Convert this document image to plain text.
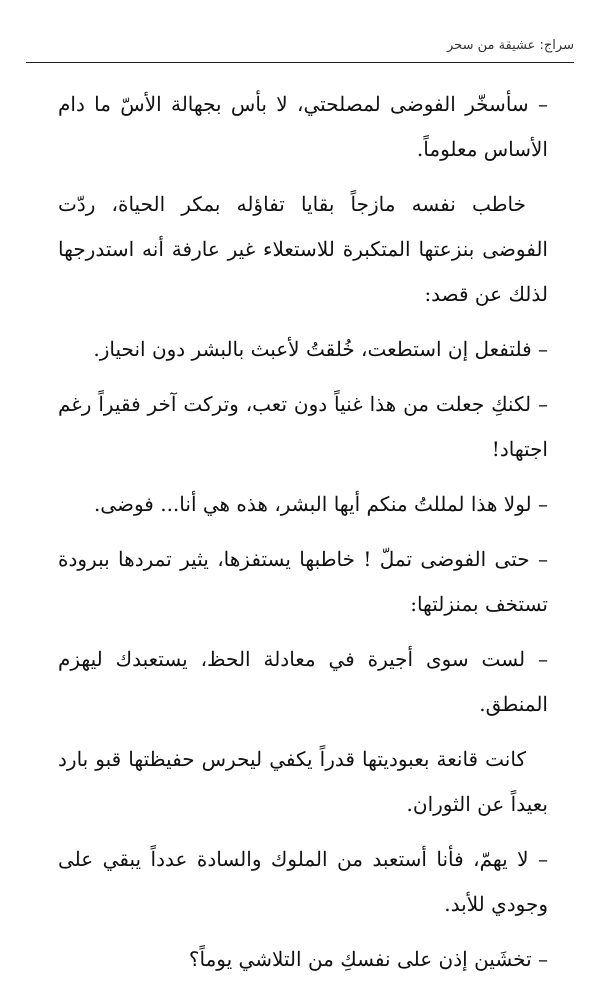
سراج: عشيقة من سحر

– سأسخّر الفوضى لمصلحتي، لا بأس بجهالة الأسّ ما دام الأساس معلوماً.

خاطب نفسه مازجاً بقايا تفاؤله بمكر الحياة، ردّت الفوضى بنزعتها المتكبرة للاستعلاء غير عارفة أنه استدرجها لذلك عن قصد:

– فلتفعل إن استطعت، خُلقتُ لأعبث بالبشر دون انحياز.

– لكنكِ جعلت من هذا غنياً دون تعب، وتركت آخر فقيراً رغم اجتهاد!

– لولا هذا لمللتُ منكم أيها البشر، هذه هي أنا... فوضى.

– حتى الفوضى تملّ ! خاطبها يستفزها، يثير تمردها ببرودة تستخف بمنزلتها:

– لست سوى أجيرة في معادلة الحظ، يستعبدك ليهزم المنطق.

كانت قانعة بعبوديتها قدراً يكفي ليحرس حفيظتها قبو بارد بعيداً عن الثوران.

– لا يهمّ، فأنا أستعبد من الملوك والسادة عدداً يبقي على وجودي للأبد.

– تخشَين إذن على نفسكِ من التلاشي يوماً؟
